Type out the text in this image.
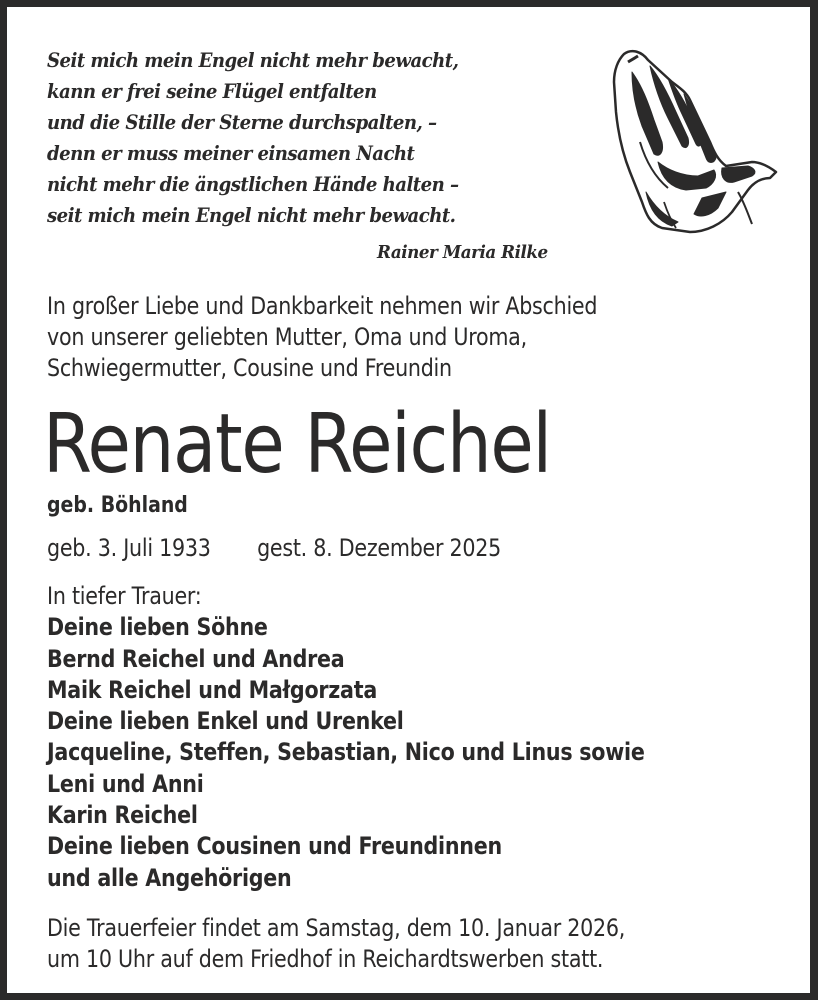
Seit mich mein Engel nicht mehr bewacht,
kann er frei seine Flügel entfalten
und die Stille der Sterne durchspalten, –
denn er muss meiner einsamen Nacht
nicht mehr die ängstlichen Hände halten –
seit mich mein Engel nicht mehr bewacht.
Rainer Maria Rilke
In großer Liebe und Dankbarkeit nehmen wir Abschied
von unserer geliebten Mutter, Oma und Uroma,
Schwiegermutter, Cousine und Freundin
Renate Reichel
geb. Böhland
geb. 3. Juli 1933 gest. 8. Dezember 2025
In tiefer Trauer:
Deine lieben Söhne
Bernd Reichel und Andrea
Maik Reichel und Małgorzata
Deine lieben Enkel und Urenkel
Jacqueline, Steffen, Sebastian, Nico und Linus sowie
Leni und Anni
Karin Reichel
Deine lieben Cousinen und Freundinnen
und alle Angehörigen
Die Trauerfeier findet am Samstag, dem 10. Januar 2026,
um 10 Uhr auf dem Friedhof in Reichardtswerben statt.
